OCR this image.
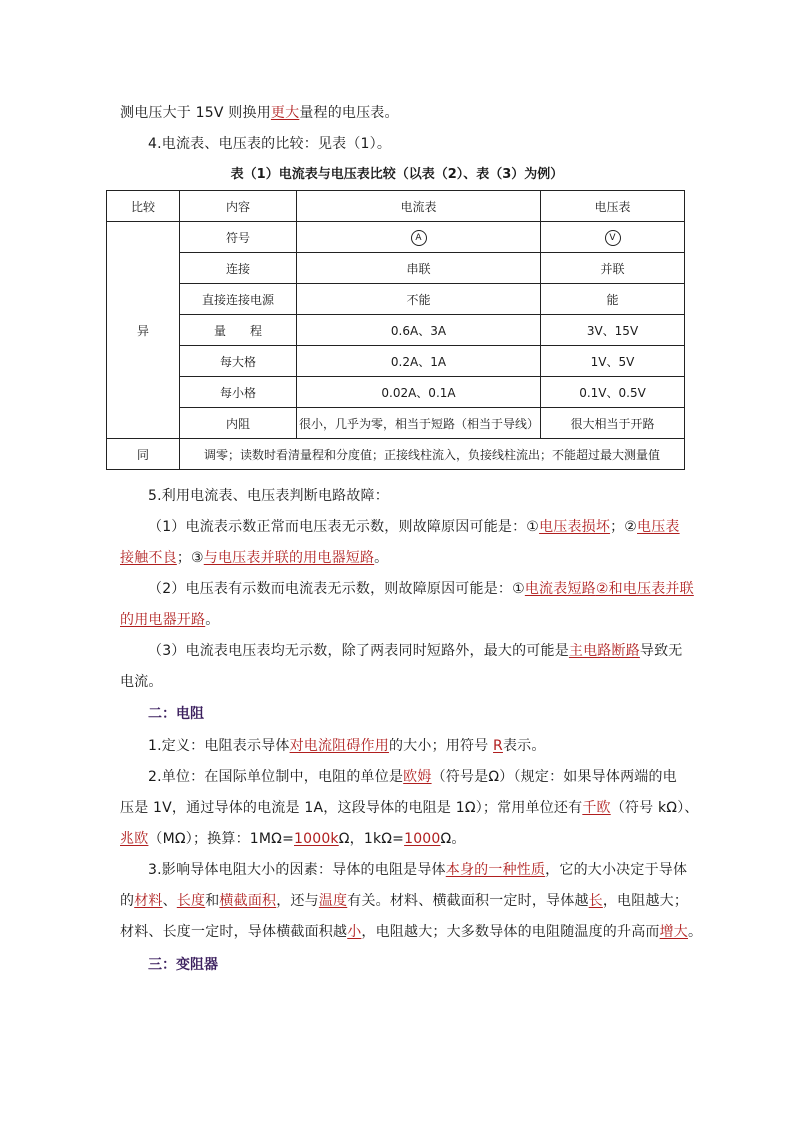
测电压大于 15V 则换用更大量程的电压表。
4.电流表、电压表的比较：见表（1）。
表（1）电流表与电压表比较（以表（2）、表（3）为例）
比较	内容	电流表	电压表
异	符号	A	V
	连接	串联	并联
	直接连接电源	不能	能
	量　　程	0.6A、3A	3V、15V
	每大格	0.2A、1A	1V、5V
	每小格	0.02A、0.1A	0.1V、0.5V
	内阻	很小，几乎为零，相当于短路（相当于导线）	很大相当于开路
同	调零；读数时看清量程和分度值；正接线柱流入，负接线柱流出；不能超过最大测量值		
5.利用电流表、电压表判断电路故障：
（1）电流表示数正常而电压表无示数，则故障原因可能是：①电压表损坏；②电压表
接触不良；③与电压表并联的用电器短路。
（2）电压表有示数而电流表无示数，则故障原因可能是：①电流表短路②和电压表并联
的用电器开路。
（3）电流表电压表均无示数，除了两表同时短路外，最大的可能是主电路断路导致无
电流。
二：电阻
1.定义：电阻表示导体对电流阻碍作用的大小；用符号 R表示。
2.单位：在国际单位制中，电阻的单位是欧姆（符号是Ω）（规定：如果导体两端的电
压是 1V，通过导体的电流是 1A，这段导体的电阻是 1Ω）；常用单位还有千欧（符号 kΩ）、
兆欧（MΩ）；换算：1MΩ=1000kΩ，1kΩ=1000Ω。
3.影响导体电阻大小的因素：导体的电阻是导体本身的一种性质，它的大小决定于导体
的材料、长度和横截面积，还与温度有关。材料、横截面积一定时，导体越长，电阻越大；
材料、长度一定时，导体横截面积越小，电阻越大；大多数导体的电阻随温度的升高而增大。
三：变阻器
